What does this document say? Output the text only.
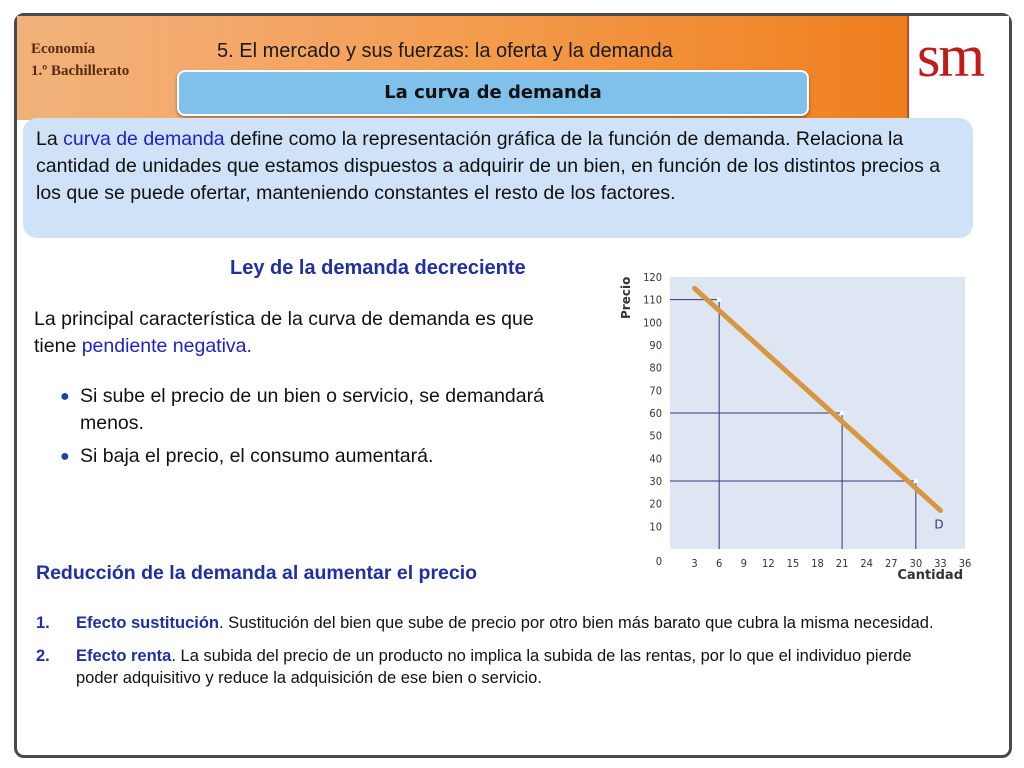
Economía
1.º Bachillerato
5. El mercado y sus fuerzas: la oferta y la demanda
La curva de demanda
sm
La curva de demanda define como la representación gráfica de la función de demanda. Relaciona la cantidad de unidades que estamos dispuestos a adquirir de un bien, en función de los distintos precios a los que se puede ofertar, manteniendo constantes el resto de los factores.
Ley de la demanda decreciente
La principal característica de la curva de demanda es que tiene pendiente negativa.
● Si sube el precio de un bien o servicio, se demandará menos.
● Si baja el precio, el consumo aumentará.
10
20
30
40
50
60
70
80
90
100
110
120
3 6 9 12 15 18 21 24 27 30 33 36
0
Precio
Cantidad
D
Reducción de la demanda al aumentar el precio
1. Efecto sustitución. Sustitución del bien que sube de precio por otro bien más barato que cubra la misma necesidad.
2. Efecto renta. La subida del precio de un producto no implica la subida de las rentas, por lo que el individuo pierde poder adquisitivo y reduce la adquisición de ese bien o servicio.
